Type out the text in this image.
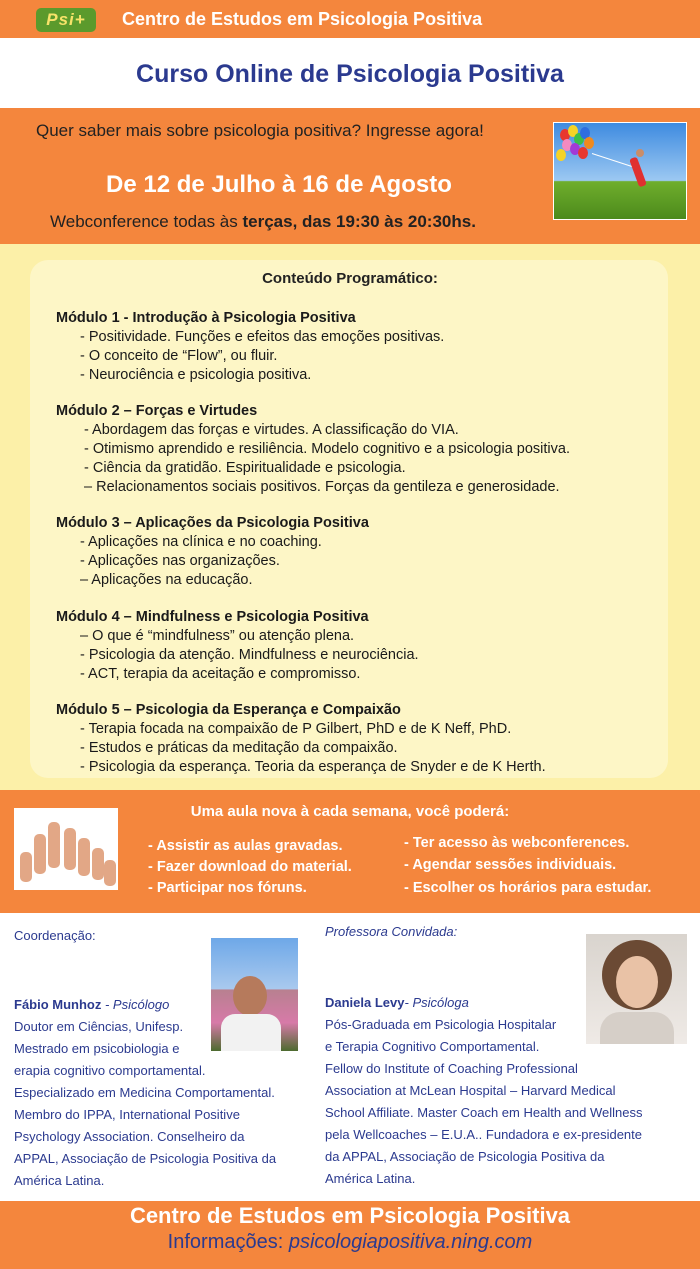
Psi+	Centro de Estudos em Psicologia Positiva
Curso Online de Psicologia Positiva
Quer saber mais sobre psicologia positiva? Ingresse agora!
De 12 de Julho à 16 de Agosto
Webconference todas às terças, das 19:30 às 20:30hs.
Conteúdo Programático:
Módulo 1 - Introdução à Psicologia Positiva
- Positividade. Funções e efeitos das emoções positivas.
- O conceito de “Flow”, ou fluir.
- Neurociência e psicologia positiva.
Módulo 2 – Forças e Virtudes
- Abordagem das forças e virtudes. A classificação do VIA.
- Otimismo aprendido e resiliência. Modelo cognitivo e a psicologia positiva.
- Ciência da gratidão. Espiritualidade e psicologia.
– Relacionamentos sociais positivos. Forças da gentileza e generosidade.
Módulo 3 – Aplicações da Psicologia Positiva
- Aplicações na clínica e no coaching.
- Aplicações nas organizações.
– Aplicações na educação.
Módulo 4 – Mindfulness e Psicologia Positiva
– O que é “mindfulness” ou atenção plena.
- Psicologia da atenção. Mindfulness e neurociência.
- ACT, terapia da aceitação e compromisso.
Módulo 5 – Psicologia da Esperança e Compaixão
- Terapia focada na compaixão de P Gilbert, PhD e de K Neff, PhD.
- Estudos e práticas da meditação da compaixão.
- Psicologia da esperança. Teoria da esperança de Snyder e de K Herth.
Uma aula nova à cada semana, você poderá:
- Assistir as aulas gravadas.
- Fazer download do material.
- Participar nos fóruns.
- Ter acesso às webconferences.
- Agendar sessões individuais.
- Escolher os horários para estudar.
Coordenação:
Fábio Munhoz - Psicólogo
Doutor em Ciências, Unifesp.
Mestrado em psicobiologia e
erapia cognitivo comportamental.
Especializado em Medicina Comportamental.
Membro do IPPA, International Positive
Psychology Association. Conselheiro da
APPAL, Associação de Psicologia Positiva da
América Latina.
Professora Convidada:
Daniela Levy- Psicóloga
Pós-Graduada em Psicologia Hospitalar
e Terapia Cognitivo Comportamental.
Fellow do Institute of Coaching Professional
Association at McLean Hospital – Harvard Medical
School Affiliate. Master Coach em Health and Wellness
pela Wellcoaches – E.U.A.. Fundadora e ex-presidente
da APPAL, Associação de Psicologia Positiva da
América Latina.
Centro de Estudos em Psicologia Positiva
Informações: psicologiapositiva.ning.com
